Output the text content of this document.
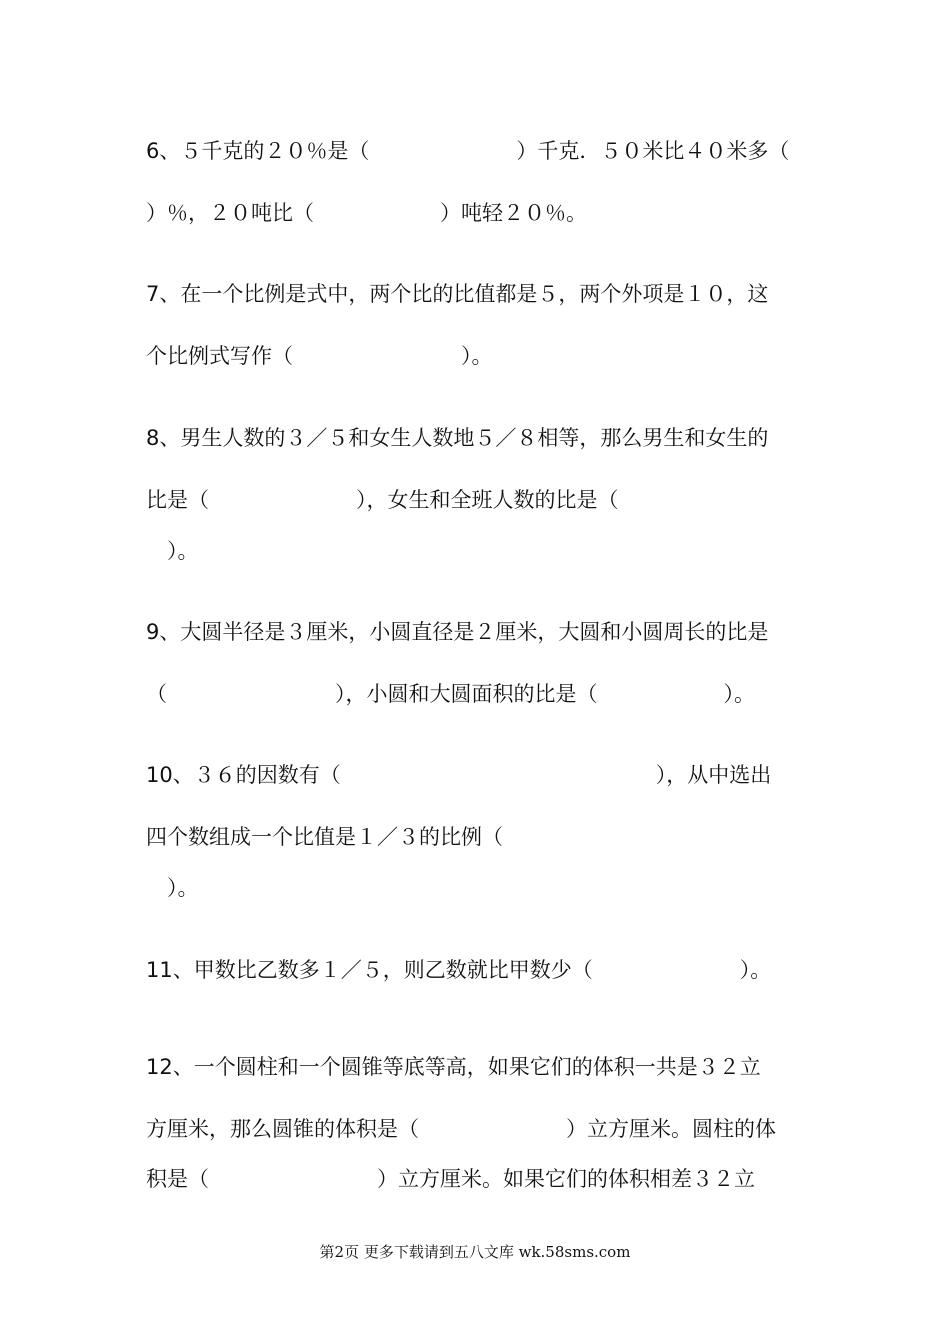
6、５千克的２０％是（　　　　　　　）千克．５０米比４０米多（
）％，２０吨比（　　　　　　）吨轻２０％。
7、在一个比例是式中，两个比的比值都是５，两个外项是１０，这
个比例式写作（　　　　　　　　）。
8、男生人数的３／５和女生人数地５／８相等，那么男生和女生的
比是（　　　　　　　），女生和全班人数的比是（
　）。
9、大圆半径是３厘米，小圆直径是２厘米，大圆和小圆周长的比是
（　　　　　　　　），小圆和大圆面积的比是（　　　　　　）。
10、３６的因数有（　　　　　　　　　　　　　　　），从中选出
四个数组成一个比值是１／３的比例（
　）。
11、甲数比乙数多１／５，则乙数就比甲数少（　　　　　　　）。
12、一个圆柱和一个圆锥等底等高，如果它们的体积一共是３２立
方厘米，那么圆锥的体积是（　　　　　　　）立方厘米。圆柱的体
积是（　　　　　　　　）立方厘米。如果它们的体积相差３２立
第2页 更多下载请到五八文库 wk.58sms.com
